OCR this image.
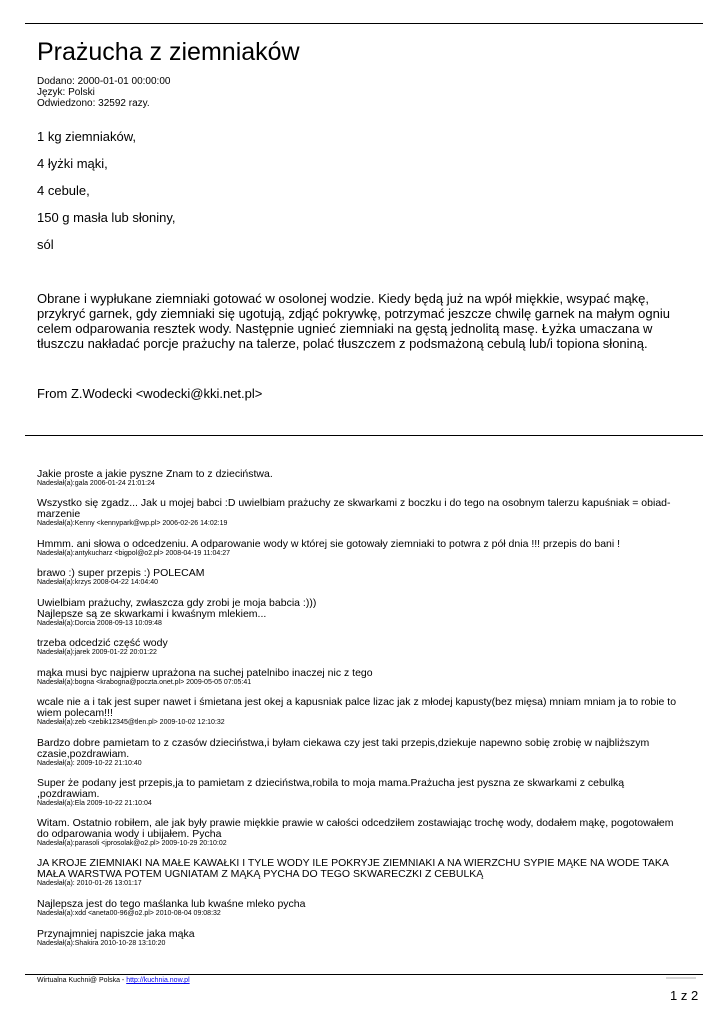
Prażucha z ziemniaków
Dodano: 2000-01-01 00:00:00
Język: Polski
Odwiedzono: 32592 razy.
1 kg ziemniaków,
4 łyżki mąki,
4 cebule,
150 g masła lub słoniny,
sól
Obrane i wypłukane ziemniaki gotować w osolonej wodzie. Kiedy będą już na wpół miękkie, wsypać mąkę, przykryć garnek, gdy ziemniaki się ugotują, zdjąć pokrywkę, potrzymać jeszcze chwilę garnek na małym ogniu celem odparowania resztek wody. Następnie ugnieć ziemniaki na gęstą jednolitą masę. Łyżka umaczana w tłuszczu nakładać porcje prażuchy na talerze, polać tłuszczem z podsmażoną cebulą lub/i topiona słoniną.
From Z.Wodecki <wodecki@kki.net.pl>
Jakie proste a jakie pyszne Znam to z dzieciństwa.
Nadesłał(a):gala 2006-01-24 21:01:24
Wszystko się zgadz... Jak u mojej babci :D uwielbiam prażuchy ze skwarkami z boczku i do tego na osobnym talerzu kapuśniak = obiad-marzenie
Nadesłał(a):Kenny <kennypark@wp.pl> 2006-02-26 14:02:19
Hmmm. ani słowa o odcedzeniu. A odparowanie wody w której sie gotowały ziemniaki to potwra z pół dnia !!! przepis do bani !
Nadesłał(a):antykucharz <bigpol@o2.pl> 2008-04-19 11:04:27
brawo :) super przepis :) POLECAM
Nadesłał(a):krzys 2008-04-22 14:04:40
Uwielbiam prażuchy, zwłaszcza gdy zrobi je moja babcia :)))
Najlepsze są ze skwarkami i kwaśnym mlekiem...
Nadesłał(a):Dorcia 2008-09-13 10:09:48
trzeba odcedzić część wody
Nadesłał(a):jarek 2009-01-22 20:01:22
mąka musi byc najpierw uprażona na suchej patelnibo inaczej nic z tego
Nadesłał(a):bogna <krabogna@poczta.onet.pl> 2009-05-05 07:05:41
wcale nie a i tak jest super nawet i śmietana jest okej a kapusniak palce lizac jak z młodej kapusty(bez mięsa) mniam mniam ja to robie to wiem polecam!!!
Nadesłał(a):zeb <zebik12345@tlen.pl> 2009-10-02 12:10:32
Bardzo dobre pamietam to z czasów dzieciństwa,i byłam ciekawa czy jest taki przepis,dziekuje napewno sobię zrobię w najbliższym czasie,pozdrawiam.
Nadesłał(a): 2009-10-22 21:10:40
Super że podany jest przepis,ja to pamietam z dzieciństwa,robila to moja mama.Prażucha jest pyszna ze skwarkami z cebulką ,pozdrawiam.
Nadesłał(a):Ela 2009-10-22 21:10:04
Witam. Ostatnio robiłem, ale jak były prawie miękkie prawie w całości odcedziłem zostawiając trochę wody, dodałem mąkę, pogotowałem do odparowania wody i ubijałem. Pycha
Nadesłał(a):parasoli <jprosolak@o2.pl> 2009-10-29 20:10:02
JA KROJE ZIEMNIAKI NA MAŁE KAWAŁKI I TYLE WODY ILE POKRYJE ZIEMNIAKI A NA WIERZCHU SYPIE MĄKE NA WODE TAKA MAŁA WARSTWA POTEM UGNIATAM Z MĄKĄ PYCHA DO TEGO SKWARECZKI Z CEBULKĄ
Nadesłał(a): 2010-01-26 13:01:17
Najlepsza jest do tego maślanka lub kwaśne mleko pycha
Nadesłał(a):xdd <aneta00-96@o2.pl> 2010-08-04 09:08:32
Przynajmniej napiszcie jaka mąka
Nadesłał(a):Shakira 2010-10-28 13:10:20
Wirtualna Kuchni@ Polska - http://kuchnia.now.pl
1 z 2
